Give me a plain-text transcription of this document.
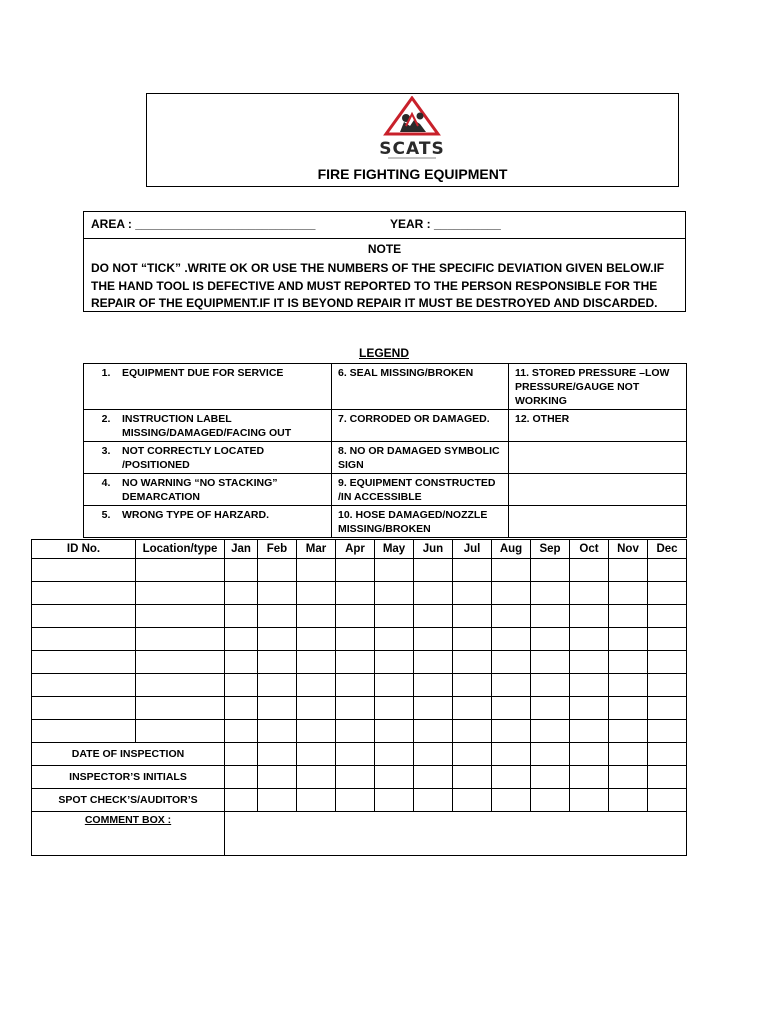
SCATS
FIRE FIGHTING EQUIPMENT
AREA : ___________________________	YEAR : __________
NOTE
DO NOT “TICK” .WRITE OK OR USE THE NUMBERS OF THE SPECIFIC DEVIATION GIVEN BELOW.IF THE HAND TOOL IS DEFECTIVE AND MUST REPORTED TO THE PERSON RESPONSIBLE FOR THE REPAIR OF THE EQUIPMENT.IF IT IS BEYOND REPAIR IT MUST BE DESTROYED AND DISCARDED.
LEGEND
1. EQUIPMENT DUE FOR SERVICE	6. SEAL MISSING/BROKEN	11. STORED PRESSURE –LOW PRESSURE/GAUGE NOT WORKING
2. INSTRUCTION LABEL MISSING/DAMAGED/FACING OUT	7. CORRODED OR DAMAGED.	12. OTHER
3. NOT CORRECTLY LOCATED /POSITIONED	8. NO OR DAMAGED SYMBOLIC SIGN	
4. NO WARNING “NO STACKING” DEMARCATION	9. EQUIPMENT CONSTRUCTED /IN ACCESSIBLE	
5. WRONG TYPE OF HARZARD.	10. HOSE DAMAGED/NOZZLE MISSING/BROKEN	
ID No.	Location/type	Jan	Feb	Mar	Apr	May	Jun	Jul	Aug	Sep	Oct	Nov	Dec

DATE OF INSPECTION													
INSPECTOR’S INITIALS													
SPOT CHECK’S/AUDITOR’S													
COMMENT BOX :													
